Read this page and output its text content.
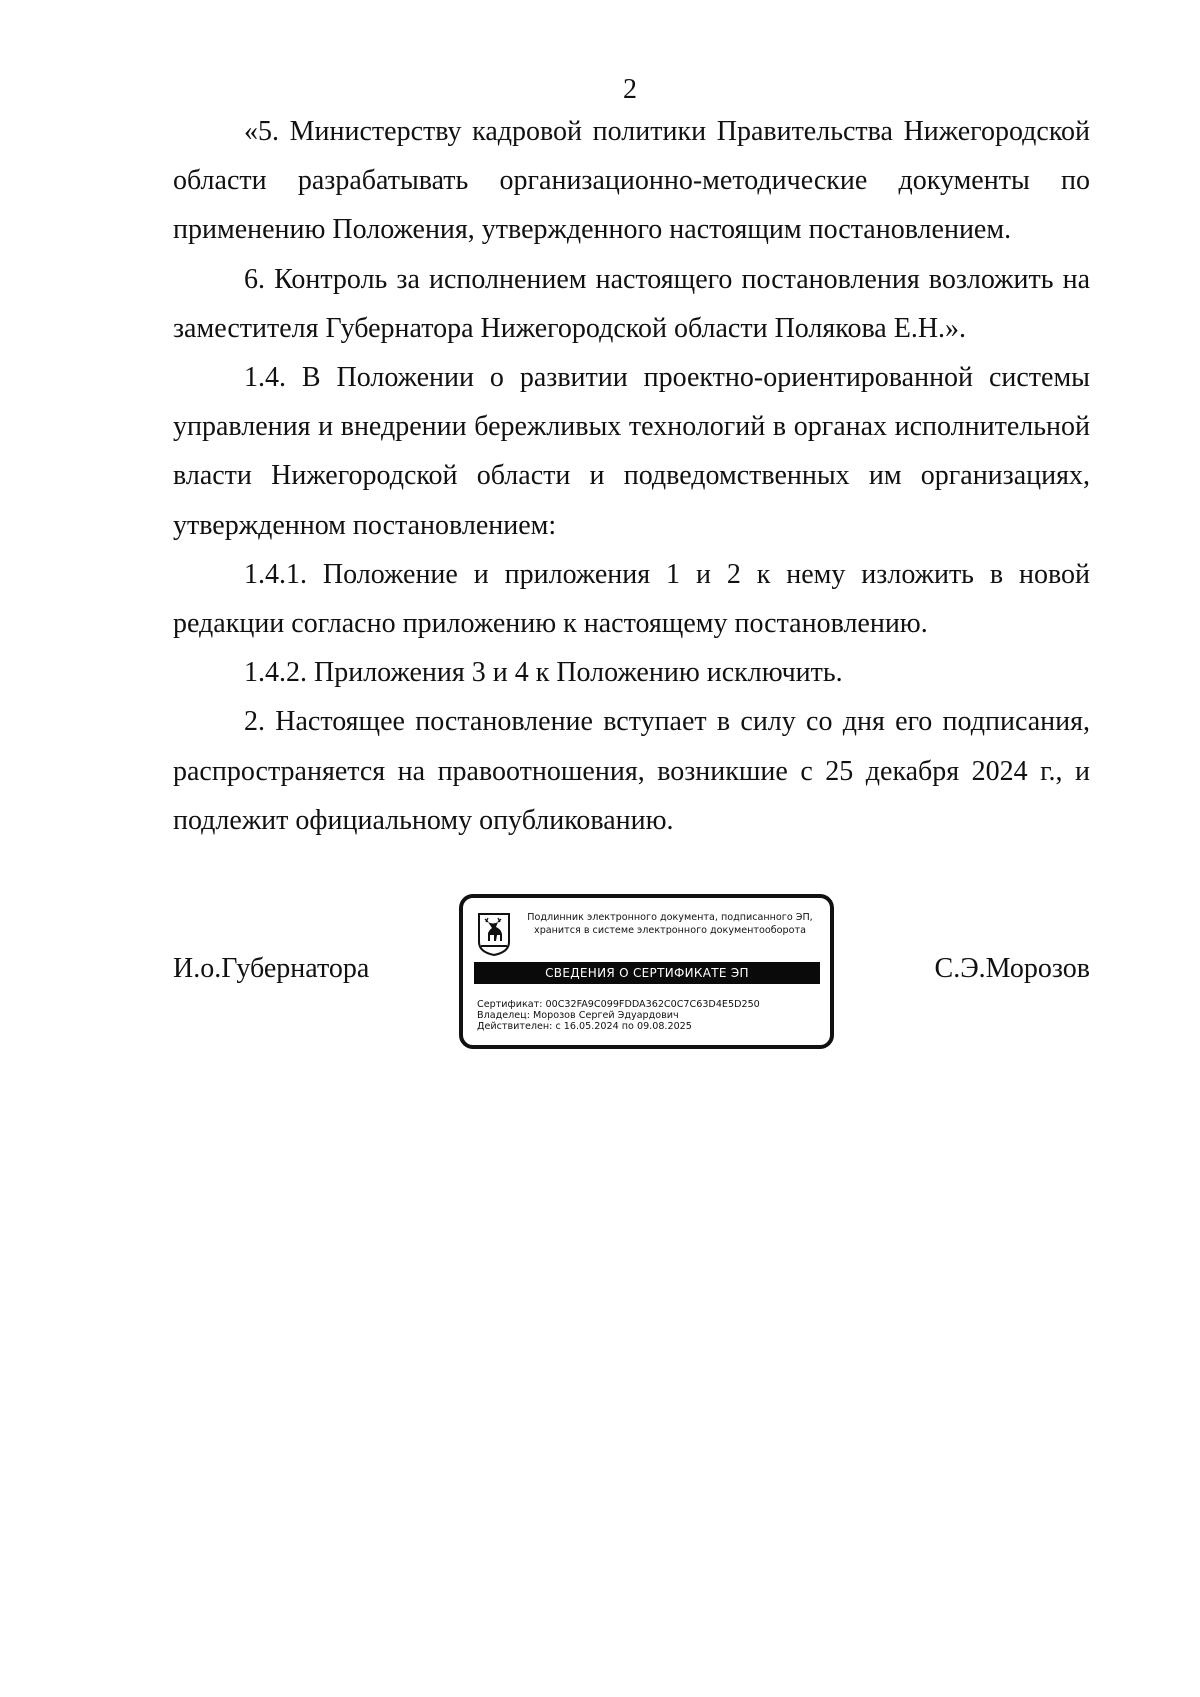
2

«5. Министерству кадровой политики Правительства Нижегородской области разрабатывать организационно-методические документы по применению Положения, утвержденного настоящим постановлением.

6. Контроль за исполнением настоящего постановления возложить на заместителя Губернатора Нижегородской области Полякова Е.Н.».

1.4. В Положении о развитии проектно-ориентированной системы управления и внедрении бережливых технологий в органах исполнительной власти Нижегородской области и подведомственных им организациях, утвержденном постановлением:

1.4.1. Положение и приложения 1 и 2 к нему изложить в новой редакции согласно приложению к настоящему постановлению.

1.4.2. Приложения 3 и 4 к Положению исключить.

2. Настоящее постановление вступает в силу со дня его подписания, распространяется на правоотношения, возникшие с 25 декабря 2024 г., и подлежит официальному опубликованию.

И.о.Губернатора
Подлинник электронного документа, подписанного ЭП,
хранится в системе электронного документооборота
СВЕДЕНИЯ О СЕРТИФИКАТЕ ЭП
Сертификат: 00C32FA9C099FDDA362C0C7C63D4E5D250
Владелец: Морозов Сергей Эдуардович
Действителен: с 16.05.2024 по 09.08.2025
С.Э.Морозов
